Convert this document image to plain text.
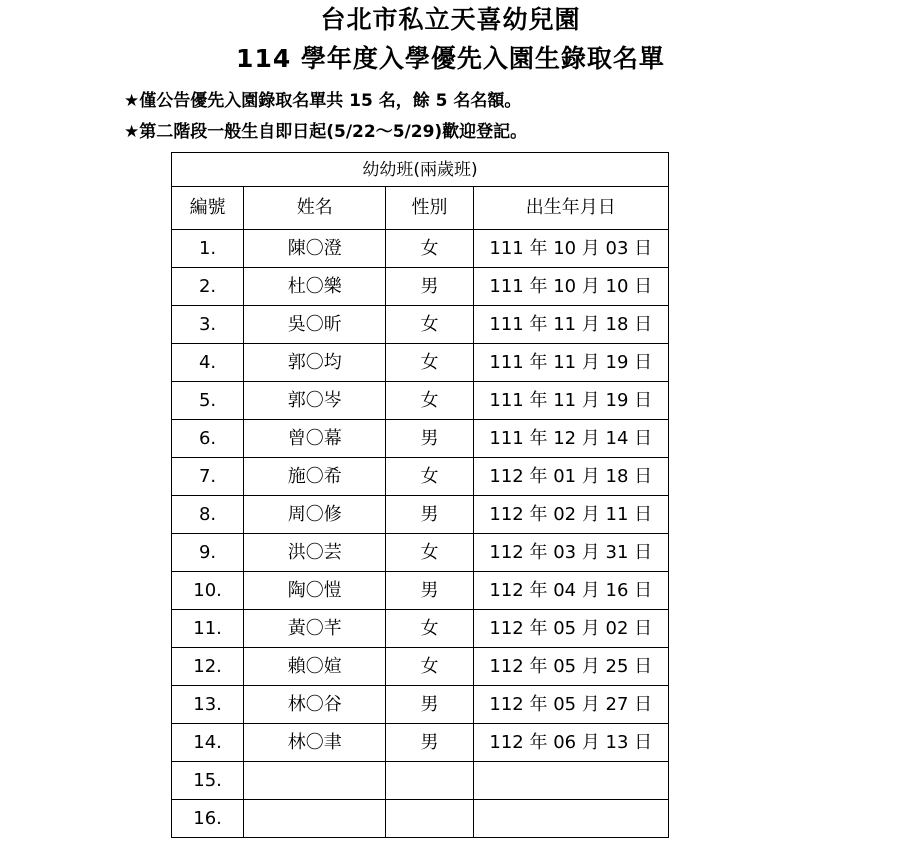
台北市私立天喜幼兒園
114 學年度入學優先入園生錄取名單
★僅公告優先入園錄取名單共 15 名，餘 5 名名額。
★第二階段一般生自即日起(5/22～5/29)歡迎登記。
幼幼班(兩歲班)			
編號	姓名	性別	出生年月日
1.	陳〇澄	女	111 年 10 月 03 日
2.	杜〇樂	男	111 年 10 月 10 日
3.	吳〇昕	女	111 年 11 月 18 日
4.	郭〇均	女	111 年 11 月 19 日
5.	郭〇岑	女	111 年 11 月 19 日
6.	曾〇幕	男	111 年 12 月 14 日
7.	施〇希	女	112 年 01 月 18 日
8.	周〇修	男	112 年 02 月 11 日
9.	洪〇芸	女	112 年 03 月 31 日
10.	陶〇愷	男	112 年 04 月 16 日
11.	黃〇芊	女	112 年 05 月 02 日
12.	賴〇媗	女	112 年 05 月 25 日
13.	林〇谷	男	112 年 05 月 27 日
14.	林〇聿	男	112 年 06 月 13 日
15.			
16.			
